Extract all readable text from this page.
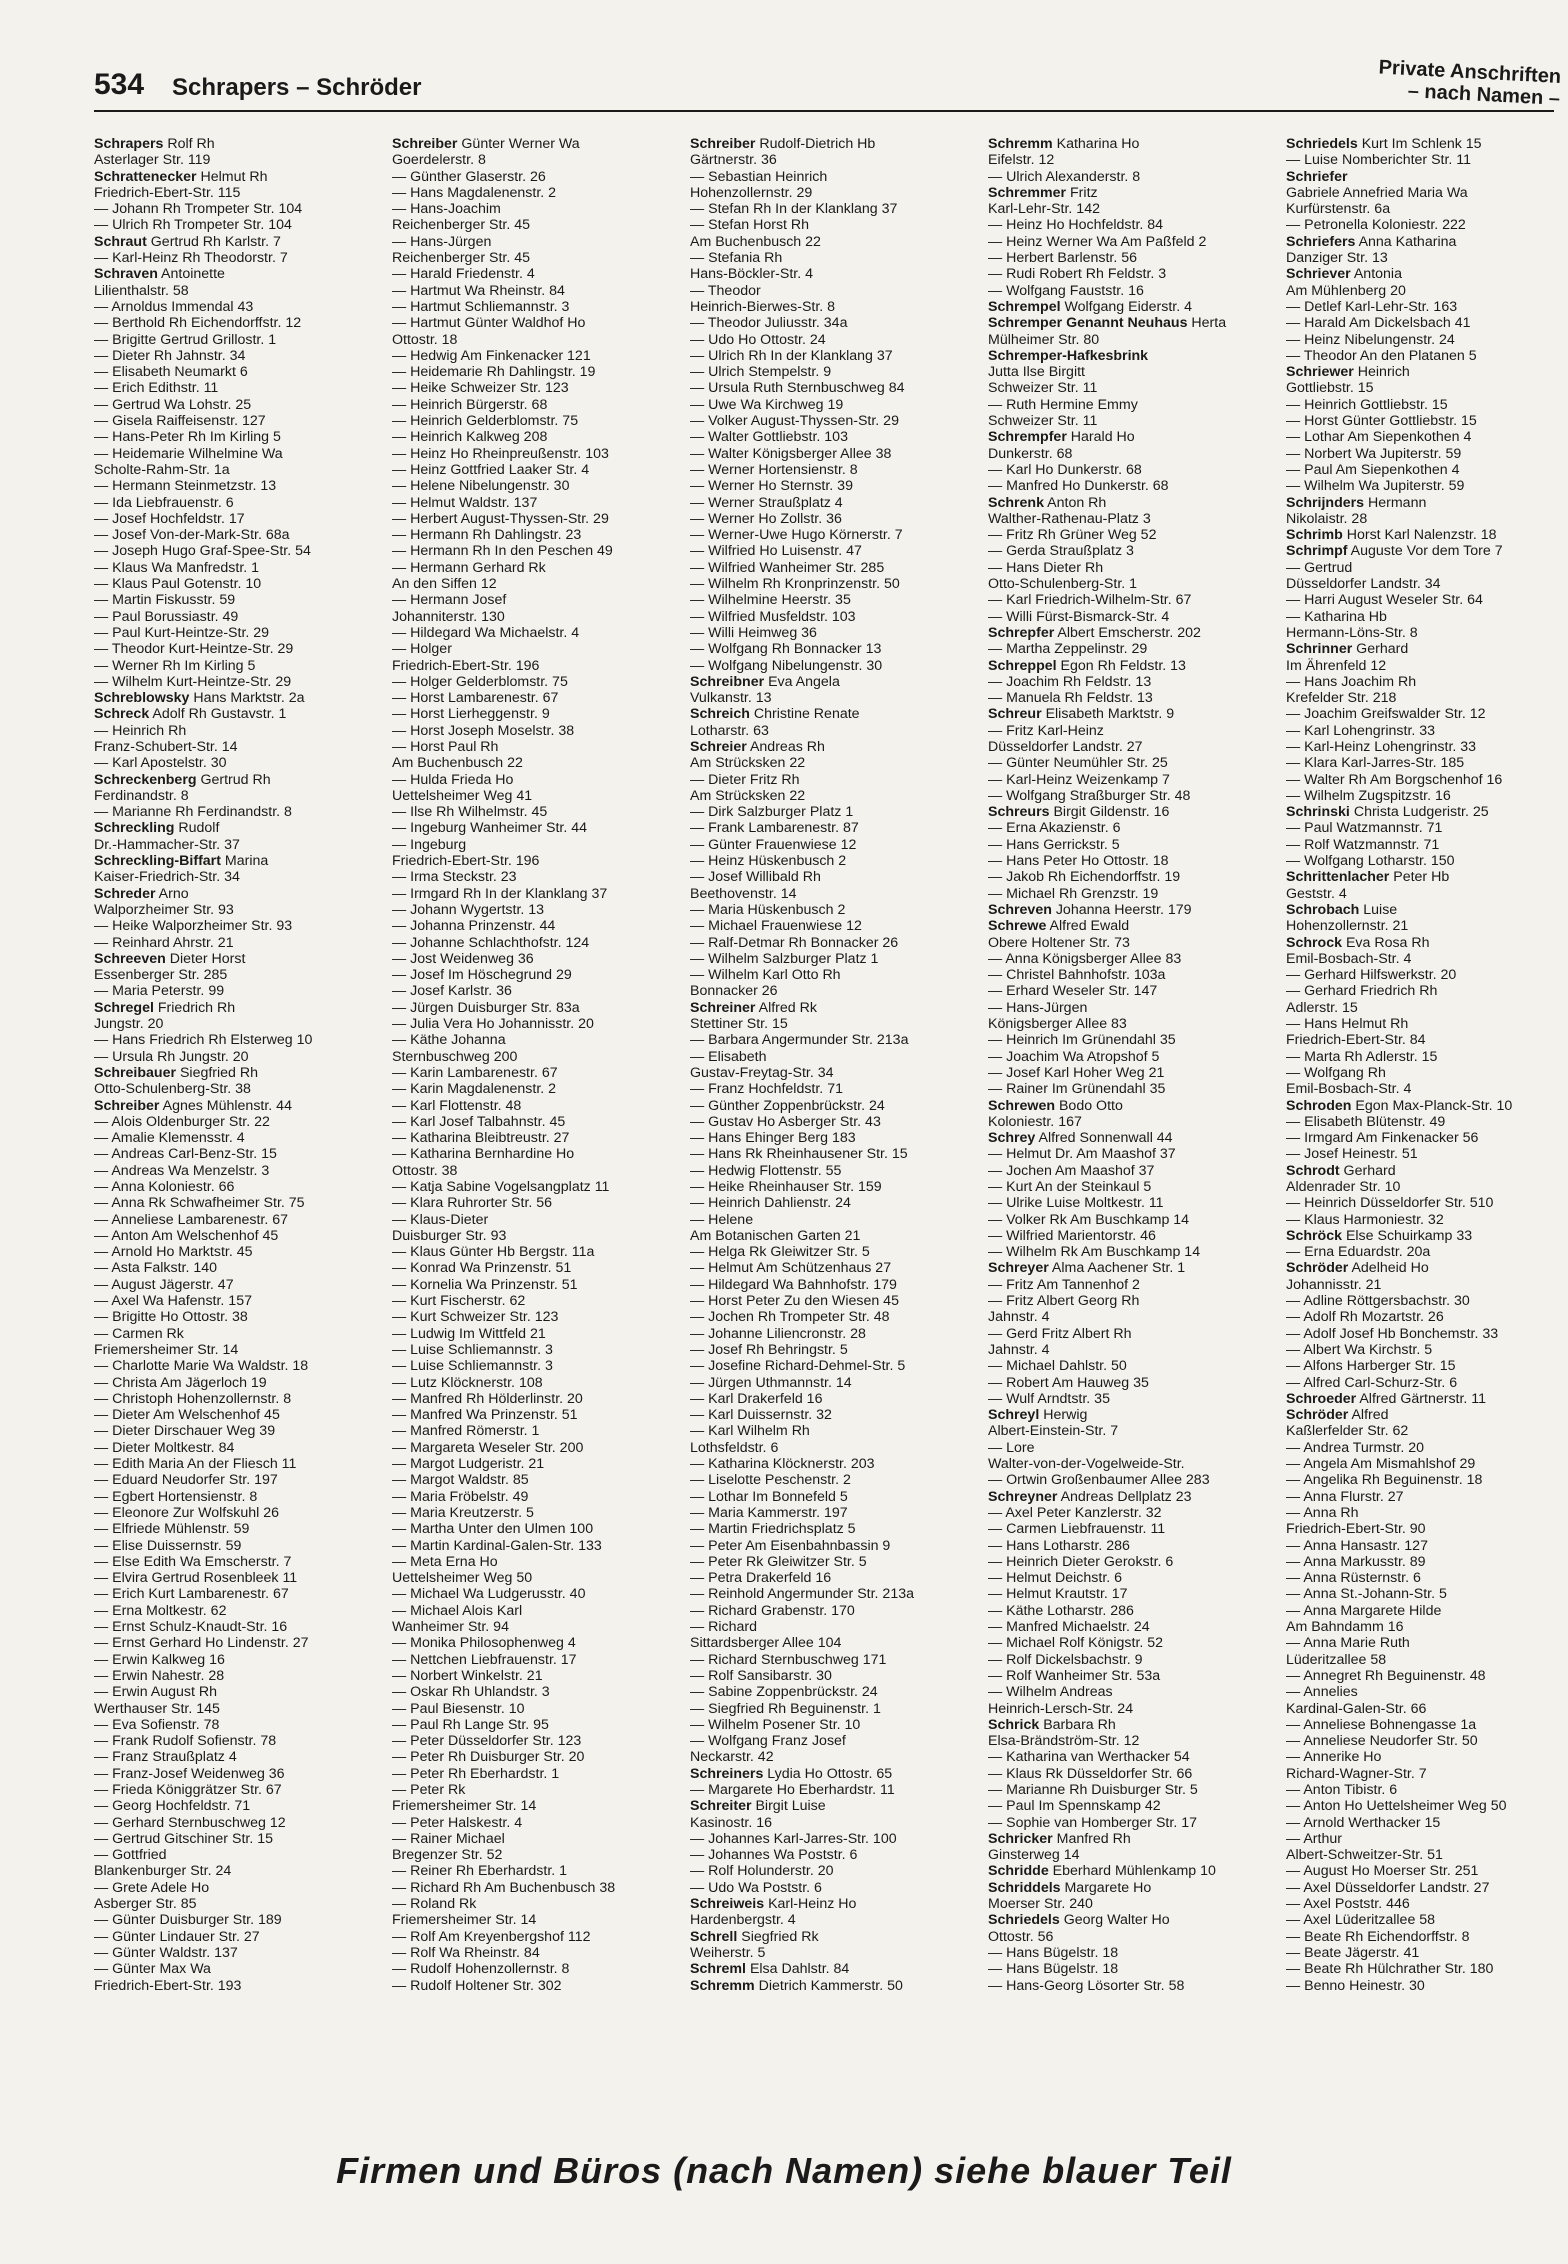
534 Schrapers – Schröder	Private Anschriften
– nach Namen –
Schrapers Rolf Rh
Asterlager Str. 119
Schrattenecker Helmut Rh
Friedrich-Ebert-Str. 115
— Johann Rh Trompeter Str. 104
— Ulrich Rh Trompeter Str. 104
Schraut Gertrud Rh Karlstr. 7
— Karl-Heinz Rh Theodorstr. 7
Schraven Antoinette
Lilienthalstr. 58
— Arnoldus Immendal 43
— Berthold Rh Eichendorffstr. 12
— Brigitte Gertrud Grillostr. 1
— Dieter Rh Jahnstr. 34
— Elisabeth Neumarkt 6
— Erich Edithstr. 11
— Gertrud Wa Lohstr. 25
— Gisela Raiffeisenstr. 127
— Hans-Peter Rh Im Kirling 5
— Heidemarie Wilhelmine Wa
Scholte-Rahm-Str. 1a
— Hermann Steinmetzstr. 13
— Ida Liebfrauenstr. 6
— Josef Hochfeldstr. 17
— Josef Von-der-Mark-Str. 68a
— Joseph Hugo Graf-Spee-Str. 54
— Klaus Wa Manfredstr. 1
— Klaus Paul Gotenstr. 10
— Martin Fiskusstr. 59
— Paul Borussiastr. 49
— Paul Kurt-Heintze-Str. 29
— Theodor Kurt-Heintze-Str. 29
— Werner Rh Im Kirling 5
— Wilhelm Kurt-Heintze-Str. 29
Schreblowsky Hans Marktstr. 2a
Schreck Adolf Rh Gustavstr. 1
— Heinrich Rh
Franz-Schubert-Str. 14
— Karl Apostelstr. 30
Schreckenberg Gertrud Rh
Ferdinandstr. 8
— Marianne Rh Ferdinandstr. 8
Schreckling Rudolf
Dr.-Hammacher-Str. 37
Schreckling-Biffart Marina
Kaiser-Friedrich-Str. 34
Schreder Arno
Walporzheimer Str. 93
— Heike Walporzheimer Str. 93
— Reinhard Ahrstr. 21
Schreeven Dieter Horst
Essenberger Str. 285
— Maria Peterstr. 99
Schregel Friedrich Rh
Jungstr. 20
— Hans Friedrich Rh Elsterweg 10
— Ursula Rh Jungstr. 20
Schreibauer Siegfried Rh
Otto-Schulenberg-Str. 38
Schreiber Agnes Mühlenstr. 44
— Alois Oldenburger Str. 22
— Amalie Klemensstr. 4
— Andreas Carl-Benz-Str. 15
— Andreas Wa Menzelstr. 3
— Anna Koloniestr. 66
— Anna Rk Schwafheimer Str. 75
— Anneliese Lambarenestr. 67
— Anton Am Welschenhof 45
— Arnold Ho Marktstr. 45
— Asta Falkstr. 140
— August Jägerstr. 47
— Axel Wa Hafenstr. 157
— Brigitte Ho Ottostr. 38
— Carmen Rk
Friemersheimer Str. 14
— Charlotte Marie Wa Waldstr. 18
— Christa Am Jägerloch 19
— Christoph Hohenzollernstr. 8
— Dieter Am Welschenhof 45
— Dieter Dirschauer Weg 39
— Dieter Moltkestr. 84
— Edith Maria An der Fliesch 11
— Eduard Neudorfer Str. 197
— Egbert Hortensienstr. 8
— Eleonore Zur Wolfskuhl 26
— Elfriede Mühlenstr. 59
— Elise Duissernstr. 59
— Else Edith Wa Emscherstr. 7
— Elvira Gertrud Rosenbleek 11
— Erich Kurt Lambarenestr. 67
— Erna Moltkestr. 62
— Ernst Schulz-Knaudt-Str. 16
— Ernst Gerhard Ho Lindenstr. 27
— Erwin Kalkweg 16
— Erwin Nahestr. 28
— Erwin August Rh
Werthauser Str. 145
— Eva Sofienstr. 78
— Frank Rudolf Sofienstr. 78
— Franz Straußplatz 4
— Franz-Josef Weidenweg 36
— Frieda Königgrätzer Str. 67
— Georg Hochfeldstr. 71
— Gerhard Sternbuschweg 12
— Gertrud Gitschiner Str. 15
— Gottfried
Blankenburger Str. 24
— Grete Adele Ho
Asberger Str. 85
— Günter Duisburger Str. 189
— Günter Lindauer Str. 27
— Günter Waldstr. 137
— Günter Max Wa
Friedrich-Ebert-Str. 193
Schreiber Günter Werner Wa
Goerdelerstr. 8
— Günther Glaserstr. 26
— Hans Magdalenenstr. 2
— Hans-Joachim
Reichenberger Str. 45
— Hans-Jürgen
Reichenberger Str. 45
— Harald Friedenstr. 4
— Hartmut Wa Rheinstr. 84
— Hartmut Schliemannstr. 3
— Hartmut Günter Waldhof Ho
Ottostr. 18
— Hedwig Am Finkenacker 121
— Heidemarie Rh Dahlingstr. 19
— Heike Schweizer Str. 123
— Heinrich Bürgerstr. 68
— Heinrich Gelderblomstr. 75
— Heinrich Kalkweg 208
— Heinz Ho Rheinpreußenstr. 103
— Heinz Gottfried Laaker Str. 4
— Helene Nibelungenstr. 30
— Helmut Waldstr. 137
— Herbert August-Thyssen-Str. 29
— Hermann Rh Dahlingstr. 23
— Hermann Rh In den Peschen 49
— Hermann Gerhard Rk
An den Siffen 12
— Hermann Josef
Johanniterstr. 130
— Hildegard Wa Michaelstr. 4
— Holger
Friedrich-Ebert-Str. 196
— Holger Gelderblomstr. 75
— Horst Lambarenestr. 67
— Horst Lierheggenstr. 9
— Horst Joseph Moselstr. 38
— Horst Paul Rh
Am Buchenbusch 22
— Hulda Frieda Ho
Uettelsheimer Weg 41
— Ilse Rh Wilhelmstr. 45
— Ingeburg Wanheimer Str. 44
— Ingeburg
Friedrich-Ebert-Str. 196
— Irma Steckstr. 23
— Irmgard Rh In der Klanklang 37
— Johann Wygertstr. 13
— Johanna Prinzenstr. 44
— Johanne Schlachthofstr. 124
— Jost Weidenweg 36
— Josef Im Höschegrund 29
— Josef Karlstr. 36
— Jürgen Duisburger Str. 83a
— Julia Vera Ho Johannisstr. 20
— Käthe Johanna
Sternbuschweg 200
— Karin Lambarenestr. 67
— Karin Magdalenenstr. 2
— Karl Flottenstr. 48
— Karl Josef Talbahnstr. 45
— Katharina Bleibtreustr. 27
— Katharina Bernhardine Ho
Ottostr. 38
— Katja Sabine Vogelsangplatz 11
— Klara Ruhrorter Str. 56
— Klaus-Dieter
Duisburger Str. 93
— Klaus Günter Hb Bergstr. 11a
— Konrad Wa Prinzenstr. 51
— Kornelia Wa Prinzenstr. 51
— Kurt Fischerstr. 62
— Kurt Schweizer Str. 123
— Ludwig Im Wittfeld 21
— Luise Schliemannstr. 3
— Luise Schliemannstr. 3
— Lutz Klöcknerstr. 108
— Manfred Rh Hölderlinstr. 20
— Manfred Wa Prinzenstr. 51
— Manfred Römerstr. 1
— Margareta Weseler Str. 200
— Margot Ludgeristr. 21
— Margot Waldstr. 85
— Maria Fröbelstr. 49
— Maria Kreutzerstr. 5
— Martha Unter den Ulmen 100
— Martin Kardinal-Galen-Str. 133
— Meta Erna Ho
Uettelsheimer Weg 50
— Michael Wa Ludgerusstr. 40
— Michael Alois Karl
Wanheimer Str. 94
— Monika Philosophenweg 4
— Nettchen Liebfrauenstr. 17
— Norbert Winkelstr. 21
— Oskar Rh Uhlandstr. 3
— Paul Biesenstr. 10
— Paul Rh Lange Str. 95
— Peter Düsseldorfer Str. 123
— Peter Rh Duisburger Str. 20
— Peter Rh Eberhardstr. 1
— Peter Rk
Friemersheimer Str. 14
— Peter Halskestr. 4
— Rainer Michael
Bregenzer Str. 52
— Reiner Rh Eberhardstr. 1
— Richard Rh Am Buchenbusch 38
— Roland Rk
Friemersheimer Str. 14
— Rolf Am Kreyenbergshof 112
— Rolf Wa Rheinstr. 84
— Rudolf Hohenzollernstr. 8
— Rudolf Holtener Str. 302
Schreiber Rudolf-Dietrich Hb
Gärtnerstr. 36
— Sebastian Heinrich
Hohenzollernstr. 29
— Stefan Rh In der Klanklang 37
— Stefan Horst Rh
Am Buchenbusch 22
— Stefania Rh
Hans-Böckler-Str. 4
— Theodor
Heinrich-Bierwes-Str. 8
— Theodor Juliusstr. 34a
— Udo Ho Ottostr. 24
— Ulrich Rh In der Klanklang 37
— Ulrich Stempelstr. 9
— Ursula Ruth Sternbuschweg 84
— Uwe Wa Kirchweg 19
— Volker August-Thyssen-Str. 29
— Walter Gottliebstr. 103
— Walter Königsberger Allee 38
— Werner Hortensienstr. 8
— Werner Ho Sternstr. 39
— Werner Straußplatz 4
— Werner Ho Zollstr. 36
— Werner-Uwe Hugo Körnerstr. 7
— Wilfried Ho Luisenstr. 47
— Wilfried Wanheimer Str. 285
— Wilhelm Rh Kronprinzenstr. 50
— Wilhelmine Heerstr. 35
— Wilfried Musfeldstr. 103
— Willi Heimweg 36
— Wolfgang Rh Bonnacker 13
— Wolfgang Nibelungenstr. 30
Schreibner Eva Angela
Vulkanstr. 13
Schreich Christine Renate
Lotharstr. 63
Schreier Andreas Rh
Am Strücksken 22
— Dieter Fritz Rh
Am Strücksken 22
— Dirk Salzburger Platz 1
— Frank Lambarenestr. 87
— Günter Frauenwiese 12
— Heinz Hüskenbusch 2
— Josef Willibald Rh
Beethovenstr. 14
— Maria Hüskenbusch 2
— Michael Frauenwiese 12
— Ralf-Detmar Rh Bonnacker 26
— Wilhelm Salzburger Platz 1
— Wilhelm Karl Otto Rh
Bonnacker 26
Schreiner Alfred Rk
Stettiner Str. 15
— Barbara Angermunder Str. 213a
— Elisabeth
Gustav-Freytag-Str. 34
— Franz Hochfeldstr. 71
— Günther Zoppenbrückstr. 24
— Gustav Ho Asberger Str. 43
— Hans Ehinger Berg 183
— Hans Rk Rheinhausener Str. 15
— Hedwig Flottenstr. 55
— Heike Rheinhauser Str. 159
— Heinrich Dahlienstr. 24
— Helene
Am Botanischen Garten 21
— Helga Rk Gleiwitzer Str. 5
— Helmut Am Schützenhaus 27
— Hildegard Wa Bahnhofstr. 179
— Horst Peter Zu den Wiesen 45
— Jochen Rh Trompeter Str. 48
— Johanne Liliencronstr. 28
— Josef Rh Behringstr. 5
— Josefine Richard-Dehmel-Str. 5
— Jürgen Uthmannstr. 14
— Karl Drakerfeld 16
— Karl Duissernstr. 32
— Karl Wilhelm Rh
Lothsfeldstr. 6
— Katharina Klöcknerstr. 203
— Liselotte Peschenstr. 2
— Lothar Im Bonnefeld 5
— Maria Kammerstr. 197
— Martin Friedrichsplatz 5
— Peter Am Eisenbahnbassin 9
— Peter Rk Gleiwitzer Str. 5
— Petra Drakerfeld 16
— Reinhold Angermunder Str. 213a
— Richard Grabenstr. 170
— Richard
Sittardsberger Allee 104
— Richard Sternbuschweg 171
— Rolf Sansibarstr. 30
— Sabine Zoppenbrückstr. 24
— Siegfried Rh Beguinenstr. 1
— Wilhelm Posener Str. 10
— Wolfgang Franz Josef
Neckarstr. 42
Schreiners Lydia Ho Ottostr. 65
— Margarete Ho Eberhardstr. 11
Schreiter Birgit Luise
Kasinostr. 16
— Johannes Karl-Jarres-Str. 100
— Johannes Wa Poststr. 6
— Rolf Holunderstr. 20
— Udo Wa Poststr. 6
Schreiweis Karl-Heinz Ho
Hardenbergstr. 4
Schrell Siegfried Rk
Weiherstr. 5
Schreml Elsa Dahlstr. 84
Schremm Dietrich Kammerstr. 50
Schremm Katharina Ho
Eifelstr. 12
— Ulrich Alexanderstr. 8
Schremmer Fritz
Karl-Lehr-Str. 142
— Heinz Ho Hochfeldstr. 84
— Heinz Werner Wa Am Paßfeld 2
— Herbert Barlenstr. 56
— Rudi Robert Rh Feldstr. 3
— Wolfgang Fauststr. 16
Schrempel Wolfgang Eiderstr. 4
Schremper Genannt Neuhaus Herta
Mülheimer Str. 80
Schremper-Hafkesbrink
Jutta Ilse Birgitt
Schweizer Str. 11
— Ruth Hermine Emmy
Schweizer Str. 11
Schrempfer Harald Ho
Dunkerstr. 68
— Karl Ho Dunkerstr. 68
— Manfred Ho Dunkerstr. 68
Schrenk Anton Rh
Walther-Rathenau-Platz 3
— Fritz Rh Grüner Weg 52
— Gerda Straußplatz 3
— Hans Dieter Rh
Otto-Schulenberg-Str. 1
— Karl Friedrich-Wilhelm-Str. 67
— Willi Fürst-Bismarck-Str. 4
Schrepfer Albert Emscherstr. 202
— Martha Zeppelinstr. 29
Schreppel Egon Rh Feldstr. 13
— Joachim Rh Feldstr. 13
— Manuela Rh Feldstr. 13
Schreur Elisabeth Marktstr. 9
— Fritz Karl-Heinz
Düsseldorfer Landstr. 27
— Günter Neumühler Str. 25
— Karl-Heinz Weizenkamp 7
— Wolfgang Straßburger Str. 48
Schreurs Birgit Gildenstr. 16
— Erna Akazienstr. 6
— Hans Gerrickstr. 5
— Hans Peter Ho Ottostr. 18
— Jakob Rh Eichendorffstr. 19
— Michael Rh Grenzstr. 19
Schreven Johanna Heerstr. 179
Schrewe Alfred Ewald
Obere Holtener Str. 73
— Anna Königsberger Allee 83
— Christel Bahnhofstr. 103a
— Erhard Weseler Str. 147
— Hans-Jürgen
Königsberger Allee 83
— Heinrich Im Grünendahl 35
— Joachim Wa Atropshof 5
— Josef Karl Hoher Weg 21
— Rainer Im Grünendahl 35
Schrewen Bodo Otto
Koloniestr. 167
Schrey Alfred Sonnenwall 44
— Helmut Dr. Am Maashof 37
— Jochen Am Maashof 37
— Kurt An der Steinkaul 5
— Ulrike Luise Moltkestr. 11
— Volker Rk Am Buschkamp 14
— Wilfried Marientorstr. 46
— Wilhelm Rk Am Buschkamp 14
Schreyer Alma Aachener Str. 1
— Fritz Am Tannenhof 2
— Fritz Albert Georg Rh
Jahnstr. 4
— Gerd Fritz Albert Rh
Jahnstr. 4
— Michael Dahlstr. 50
— Robert Am Hauweg 35
— Wulf Arndtstr. 35
Schreyl Herwig
Albert-Einstein-Str. 7
— Lore
Walter-von-der-Vogelweide-Str.
— Ortwin Großenbaumer Allee 283
Schreyner Andreas Dellplatz 23
— Axel Peter Kanzlerstr. 32
— Carmen Liebfrauenstr. 11
— Hans Lotharstr. 286
— Heinrich Dieter Gerokstr. 6
— Helmut Deichstr. 6
— Helmut Krautstr. 17
— Käthe Lotharstr. 286
— Manfred Michaelstr. 24
— Michael Rolf Königstr. 52
— Rolf Dickelsbachstr. 9
— Rolf Wanheimer Str. 53a
— Wilhelm Andreas
Heinrich-Lersch-Str. 24
Schrick Barbara Rh
Elsa-Brändström-Str. 12
— Katharina van Werthacker 54
— Klaus Rk Düsseldorfer Str. 66
— Marianne Rh Duisburger Str. 5
— Paul Im Spennskamp 42
— Sophie van Homberger Str. 17
Schricker Manfred Rh
Ginsterweg 14
Schridde Eberhard Mühlenkamp 10
Schriddels Margarete Ho
Moerser Str. 240
Schriedels Georg Walter Ho
Ottostr. 56
— Hans Bügelstr. 18
— Hans Bügelstr. 18
— Hans-Georg Lösorter Str. 58
Schriedels Kurt Im Schlenk 15
— Luise Nomberichter Str. 11
Schriefer
Gabriele Annefried Maria Wa
Kurfürstenstr. 6a
— Petronella Koloniestr. 222
Schriefers Anna Katharina
Danziger Str. 13
Schriever Antonia
Am Mühlenberg 20
— Detlef Karl-Lehr-Str. 163
— Harald Am Dickelsbach 41
— Heinz Nibelungenstr. 24
— Theodor An den Platanen 5
Schriewer Heinrich
Gottliebstr. 15
— Heinrich Gottliebstr. 15
— Horst Günter Gottliebstr. 15
— Lothar Am Siepenkothen 4
— Norbert Wa Jupiterstr. 59
— Paul Am Siepenkothen 4
— Wilhelm Wa Jupiterstr. 59
Schrijnders Hermann
Nikolaistr. 28
Schrimb Horst Karl Nalenzstr. 18
Schrimpf Auguste Vor dem Tore 7
— Gertrud
Düsseldorfer Landstr. 34
— Harri August Weseler Str. 64
— Katharina Hb
Hermann-Löns-Str. 8
Schrinner Gerhard
Im Ährenfeld 12
— Hans Joachim Rh
Krefelder Str. 218
— Joachim Greifswalder Str. 12
— Karl Lohengrinstr. 33
— Karl-Heinz Lohengrinstr. 33
— Klara Karl-Jarres-Str. 185
— Walter Rh Am Borgschenhof 16
— Wilhelm Zugspitzstr. 16
Schrinski Christa Ludgeristr. 25
— Paul Watzmannstr. 71
— Rolf Watzmannstr. 71
— Wolfgang Lotharstr. 150
Schrittenlacher Peter Hb
Geststr. 4
Schrobach Luise
Hohenzollernstr. 21
Schrock Eva Rosa Rh
Emil-Bosbach-Str. 4
— Gerhard Hilfswerkstr. 20
— Gerhard Friedrich Rh
Adlerstr. 15
— Hans Helmut Rh
Friedrich-Ebert-Str. 84
— Marta Rh Adlerstr. 15
— Wolfgang Rh
Emil-Bosbach-Str. 4
Schroden Egon Max-Planck-Str. 10
— Elisabeth Blütenstr. 49
— Irmgard Am Finkenacker 56
— Josef Heinestr. 51
Schrodt Gerhard
Aldenrader Str. 10
— Heinrich Düsseldorfer Str. 510
— Klaus Harmoniestr. 32
Schröck Else Schuirkamp 33
— Erna Eduardstr. 20a
Schröder Adelheid Ho
Johannisstr. 21
— Adline Röttgersbachstr. 30
— Adolf Rh Mozartstr. 26
— Adolf Josef Hb Bonchemstr. 33
— Albert Wa Kirchstr. 5
— Alfons Harberger Str. 15
— Alfred Carl-Schurz-Str. 6
Schroeder Alfred Gärtnerstr. 11
Schröder Alfred
Kaßlerfelder Str. 62
— Andrea Turmstr. 20
— Angela Am Mismahlshof 29
— Angelika Rh Beguinenstr. 18
— Anna Flurstr. 27
— Anna Rh
Friedrich-Ebert-Str. 90
— Anna Hansastr. 127
— Anna Markusstr. 89
— Anna Rüsternstr. 6
— Anna St.-Johann-Str. 5
— Anna Margarete Hilde
Am Bahndamm 16
— Anna Marie Ruth
Lüderitzallee 58
— Annegret Rh Beguinenstr. 48
— Annelies
Kardinal-Galen-Str. 66
— Anneliese Bohnengasse 1a
— Anneliese Neudorfer Str. 50
— Annerike Ho
Richard-Wagner-Str. 7
— Anton Tibistr. 6
— Anton Ho Uettelsheimer Weg 50
— Arnold Werthacker 15
— Arthur
Albert-Schweitzer-Str. 51
— August Ho Moerser Str. 251
— Axel Düsseldorfer Landstr. 27
— Axel Poststr. 446
— Axel Lüderitzallee 58
— Beate Rh Eichendorffstr. 8
— Beate Jägerstr. 41
— Beate Rh Hülchrather Str. 180
— Benno Heinestr. 30
Firmen und Büros (nach Namen) siehe blauer Teil
